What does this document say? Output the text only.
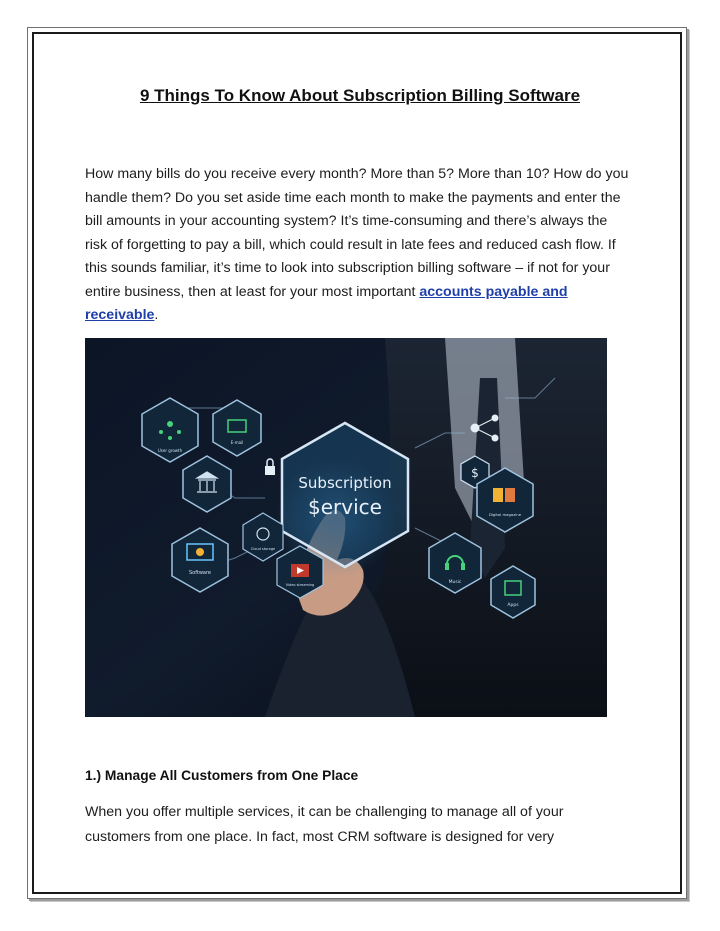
9 Things To Know About Subscription Billing Software
How many bills do you receive every month? More than 5? More than 10? How do you handle them? Do you set aside time each month to make the payments and enter the bill amounts in your accounting system? It’s time-consuming and there’s always the risk of forgetting to pay a bill, which could result in late fees and reduced cash flow. If this sounds familiar, it’s time to look into subscription billing software – if not for your entire business, then at least for your most important accounts payable and receivable.
Subscription
$ervice
User growth
E-mail
Software
Cloud storage
Video streaming
$
Digital magazine
Music
Apps
1.) Manage All Customers from One Place
When you offer multiple services, it can be challenging to manage all of your customers from one place. In fact, most CRM software is designed for very
